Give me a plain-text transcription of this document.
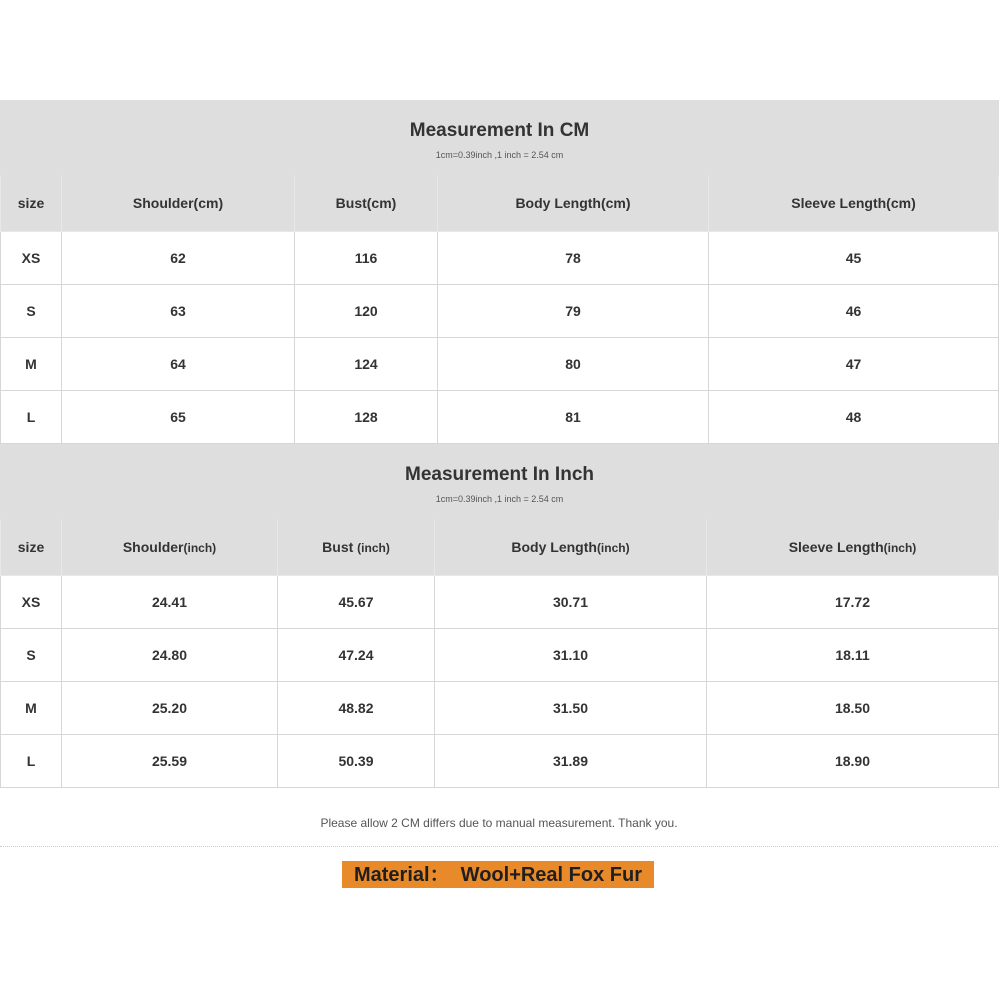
Measurement In CM
1cm=0.39inch ,1 inch = 2.54 cm				

size	Shoulder(cm)	Bust(cm)	Body Length(cm)	Sleeve Length(cm)
XS	62	116	78	45
S	63	120	79	46
M	64	124	80	47
L	65	128	81	48
Measurement In Inch
1cm=0.39inch ,1 inch = 2.54 cm				

size	Shoulder(inch)	Bust (inch)	Body Length(inch)	Sleeve Length(inch)
XS	24.41	45.67	30.71	17.72
S	24.80	47.24	31.10	18.11
M	25.20	48.82	31.50	18.50
L	25.59	50.39	31.89	18.90
Please allow 2 CM differs due to manual measurement. Thank you.
Material：  Wool+Real Fox Fur
